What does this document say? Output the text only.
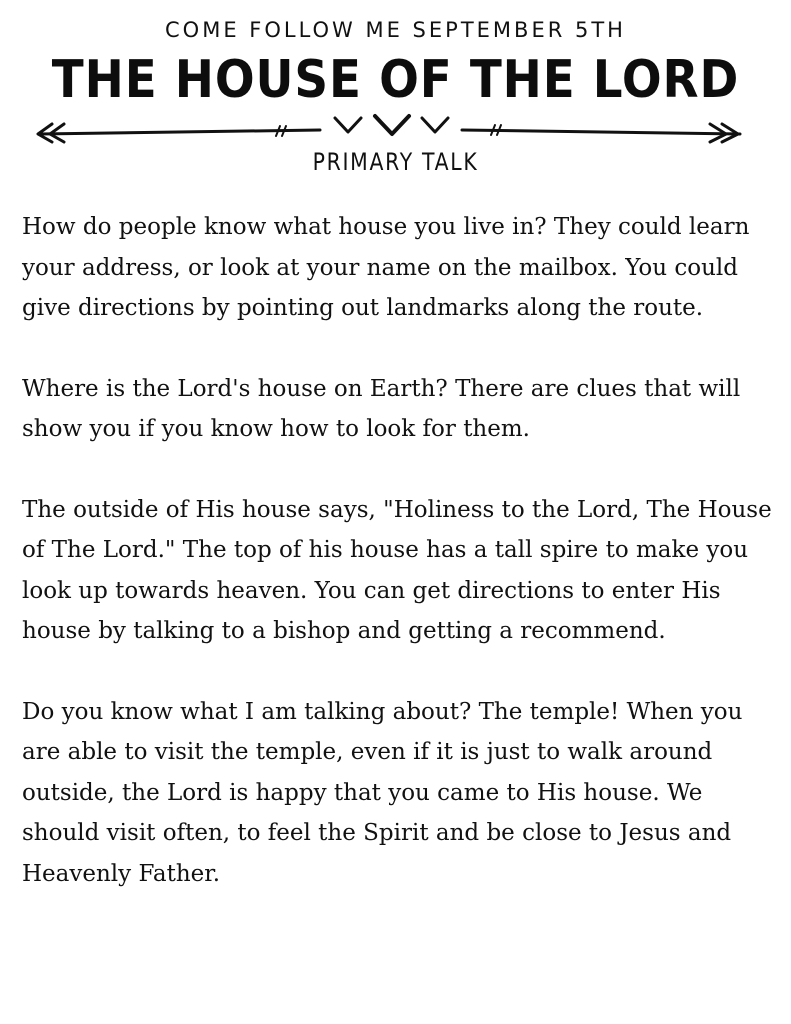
COME FOLLOW ME SEPTEMBER 5TH
THE HOUSE OF THE LORD
PRIMARY TALK

How do people know what house you live in? They could learn your address, or look at your name on the mailbox. You could give directions by pointing out landmarks along the route.

Where is the Lord's house on Earth? There are clues that will show you if you know how to look for them.

The outside of His house says, "Holiness to the Lord, The House of The Lord." The top of his house has a tall spire to make you look up towards heaven. You can get directions to enter His house by talking to a bishop and getting a recommend.

Do you know what I am talking about? The temple! When you are able to visit the temple, even if it is just to walk around outside, the Lord is happy that you came to His house. We should visit often, to feel the Spirit and be close to Jesus and Heavenly Father.
